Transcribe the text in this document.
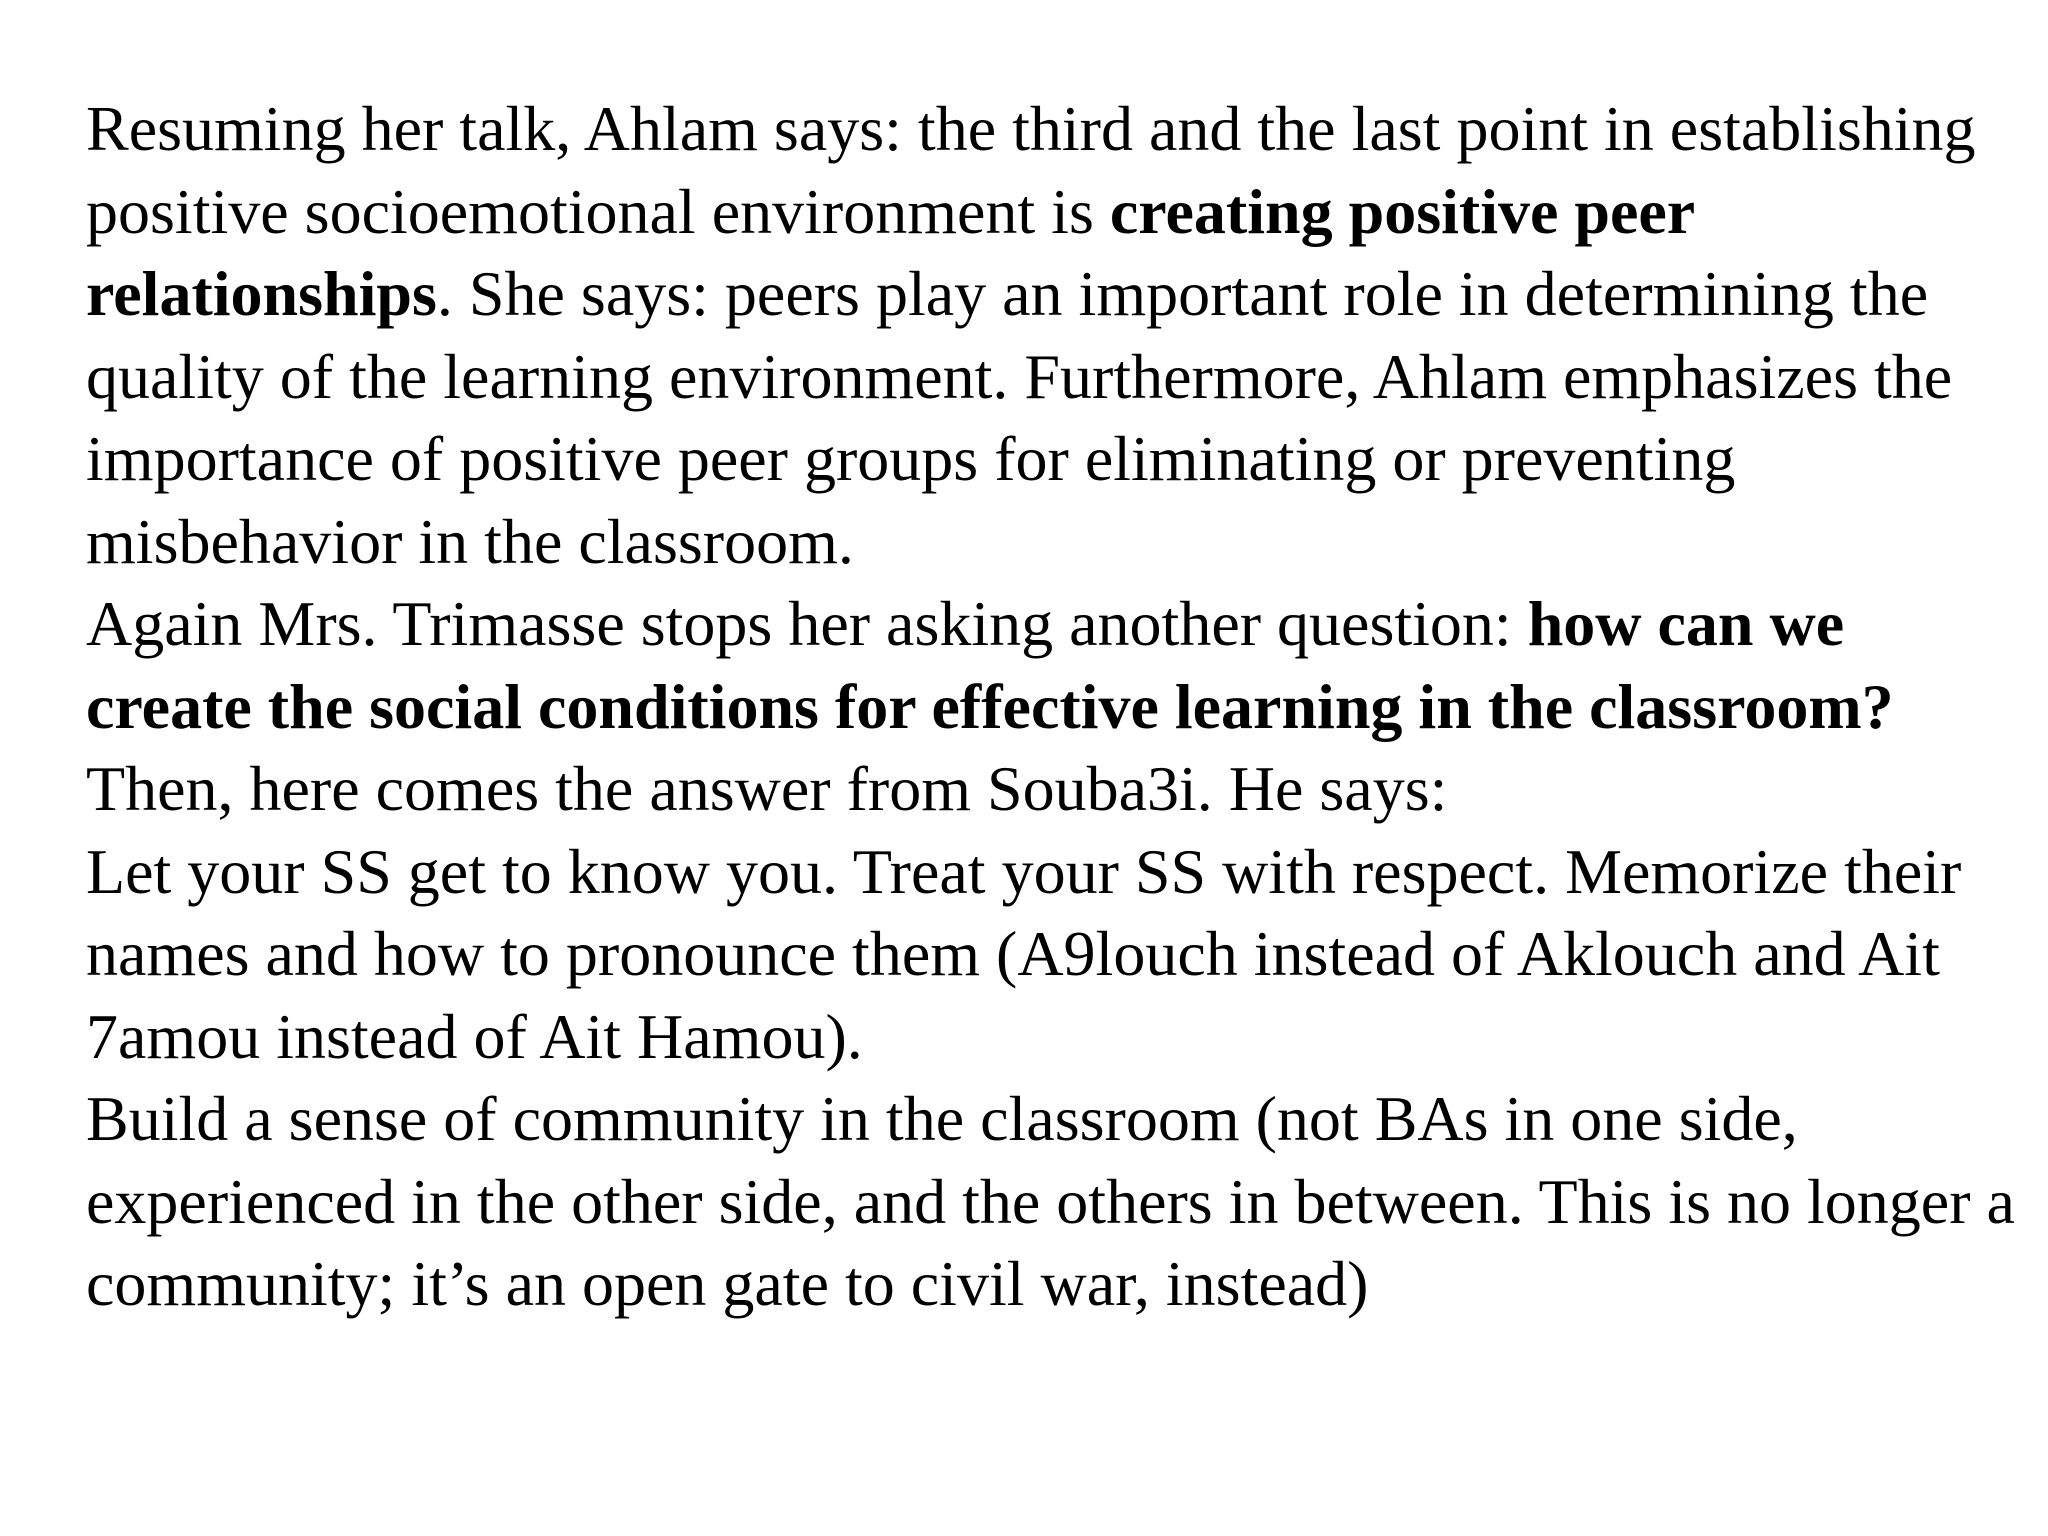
Resuming her talk, Ahlam says: the third and the last point in establishing positive socioemotional environment is creating positive peer relationships. She says: peers play an important role in determining the quality of the learning environment. Furthermore, Ahlam emphasizes the importance of positive peer groups for eliminating or preventing misbehavior in the classroom.

Again Mrs. Trimasse stops her asking another question: how can we create the social conditions for effective learning in the classroom?

Then, here comes the answer from Souba3i. He says:

Let your SS get to know you. Treat your SS with respect. Memorize their names and how to pronounce them (A9louch instead of Aklouch and Ait 7amou instead of Ait Hamou).

Build a sense of community in the classroom (not BAs in one side, experienced in the other side, and the others in between. This is no longer a community; it’s an open gate to civil war, instead)
